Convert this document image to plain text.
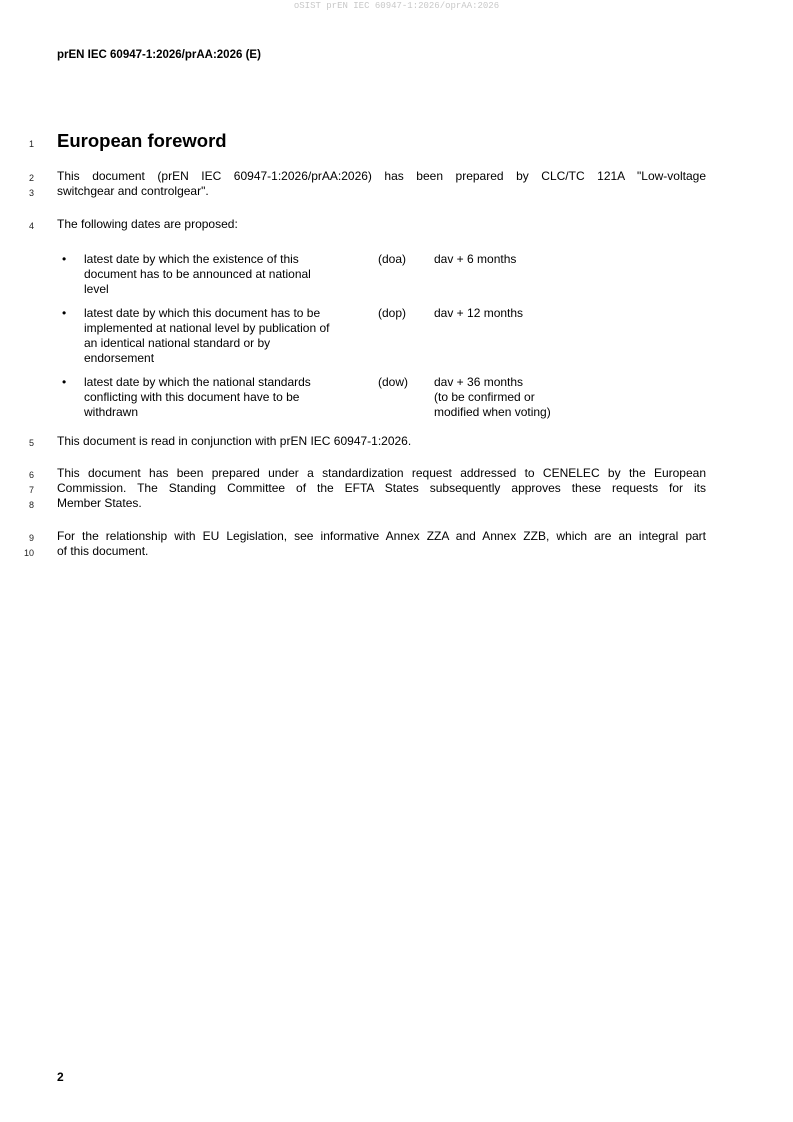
oSIST prEN IEC 60947-1:2026/oprAA:2026
prEN IEC 60947-1:2026/prAA:2026 (E)
1
2
3
4
5
6
7
8
9
10
European foreword
This document (prEN IEC 60947-1:2026/prAA:2026) has been prepared by CLC/TC 121A "Low-voltage
switchgear and controlgear".
The following dates are proposed:
• latest date by which the existence of this
document has to be announced at national
level
(doa) dav + 6 months
• latest date by which this document has to be
implemented at national level by publication of
an identical national standard or by
endorsement
(dop) dav + 12 months
• latest date by which the national standards
conflicting with this document have to be
withdrawn
(dow) dav + 36 months
(to be confirmed or
modified when voting)
This document is read in conjunction with prEN IEC 60947-1:2026.
This document has been prepared under a standardization request addressed to CENELEC by the European
Commission. The Standing Committee of the EFTA States subsequently approves these requests for its
Member States.
For the relationship with EU Legislation, see informative Annex ZZA and Annex ZZB, which are an integral part
of this document.
2
